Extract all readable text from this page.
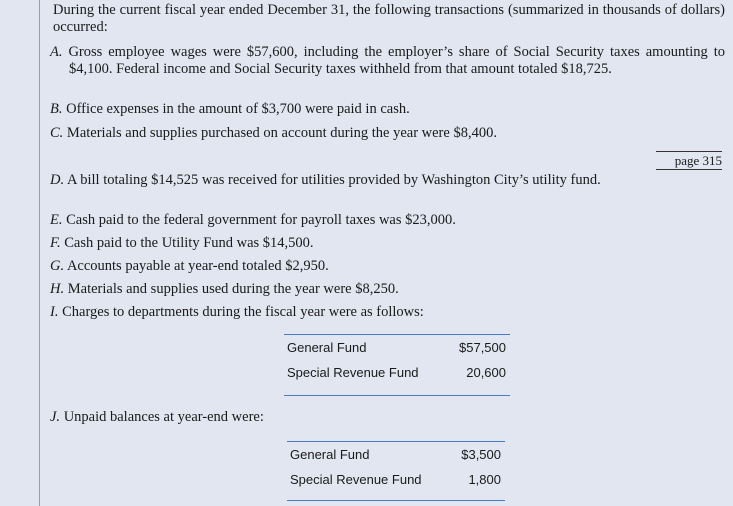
During the current fiscal year ended December 31, the following transactions (summarized in thousands of dollars) occurred:
A. Gross employee wages were $57,600, including the employer’s share of Social Security taxes amounting to $4,100. Federal income and Social Security taxes withheld from that amount totaled $18,725.
B. Office expenses in the amount of $3,700 were paid in cash.
C. Materials and supplies purchased on account during the year were $8,400.
page 315
D. A bill totaling $14,525 was received for utilities provided by Washington City’s utility fund.
E. Cash paid to the federal government for payroll taxes was $23,000.
F. Cash paid to the Utility Fund was $14,500.
G. Accounts payable at year-end totaled $2,950.
H. Materials and supplies used during the year were $8,250.
I. Charges to departments during the fiscal year were as follows:
General Fund	$57,500
Special Revenue Fund	20,600
J. Unpaid balances at year-end were:
General Fund	$3,500
Special Revenue Fund	1,800
